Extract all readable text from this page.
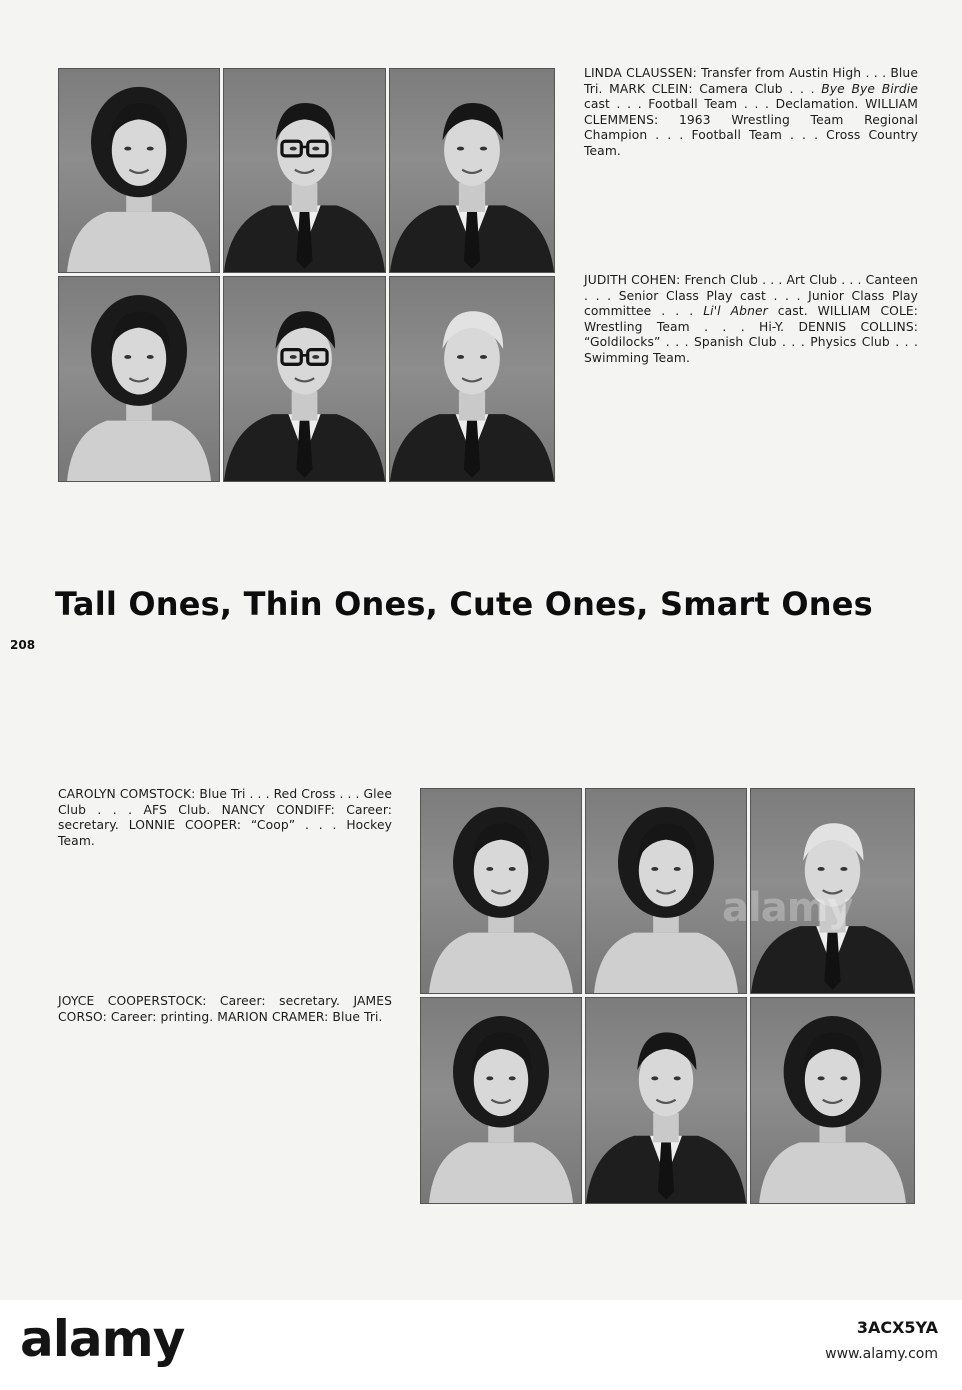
LINDA CLAUSSEN: Transfer from Austin High . . . Blue Tri. MARK CLEIN: Camera Club . . . Bye Bye Birdie cast . . . Football Team . . . Declamation. WILLIAM CLEMMENS: 1963 Wrestling Team Regional Champion . . . Football Team . . . Cross Country Team.

JUDITH COHEN: French Club . . . Art Club . . . Canteen . . . Senior Class Play cast . . . Junior Class Play committee . . . Li'l Abner cast. WILLIAM COLE: Wrestling Team . . . Hi-Y. DENNIS COLLINS: “Goldilocks” . . . Spanish Club . . . Physics Club . . . Swimming Team.

Tall Ones, Thin Ones, Cute Ones, Smart Ones
208

CAROLYN COMSTOCK: Blue Tri . . . Red Cross . . . Glee Club . . . AFS Club. NANCY CONDIFF: Career: secretary. LONNIE COOPER: “Coop” . . . Hockey Team.

JOYCE COOPERSTOCK: Career: secretary. JAMES CORSO: Career: printing. MARION CRAMER: Blue Tri.

alamy
alamy	3ACX5YA
www.alamy.com
